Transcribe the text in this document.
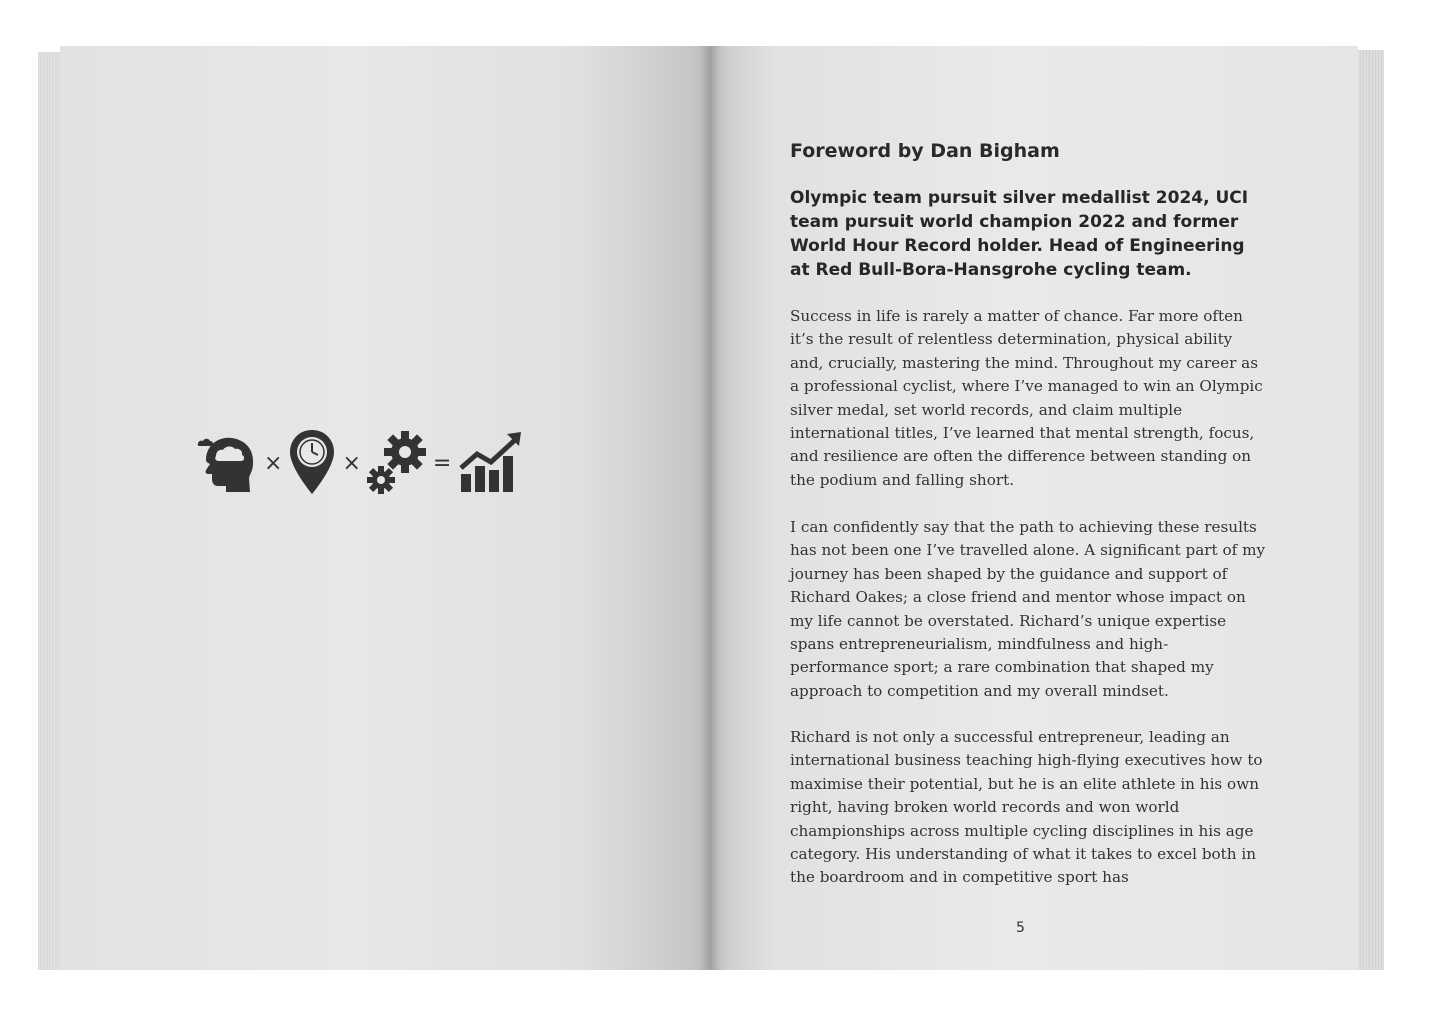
×	×	=
Foreword by Dan Bigham

Olympic team pursuit silver medallist 2024, UCI team pursuit world champion 2022 and former World Hour Record holder. Head of Engineering at Red Bull-Bora-Hansgrohe cycling team.

Success in life is rarely a matter of chance. Far more often it’s the result of relentless determination, physical ability and, crucially, mastering the mind. Throughout my career as a professional cyclist, where I’ve managed to win an Olympic silver medal, set world records, and claim multiple international titles, I’ve learned that mental strength, focus, and resilience are often the difference between standing on the podium and falling short.

I can confidently say that the path to achieving these results has not been one I’ve travelled alone. A significant part of my journey has been shaped by the guidance and support of Richard Oakes; a close friend and mentor whose impact on my life cannot be overstated. Richard’s unique expertise spans entrepreneurialism, mindfulness and high-performance sport; a rare combination that shaped my approach to competition and my overall mindset.

Richard is not only a successful entrepreneur, leading an international business teaching high-flying executives how to maximise their potential, but he is an elite athlete in his own right, having broken world records and won world championships across multiple cycling disciplines in his age category. His understanding of what it takes to excel both in the boardroom and in competitive sport has

5
